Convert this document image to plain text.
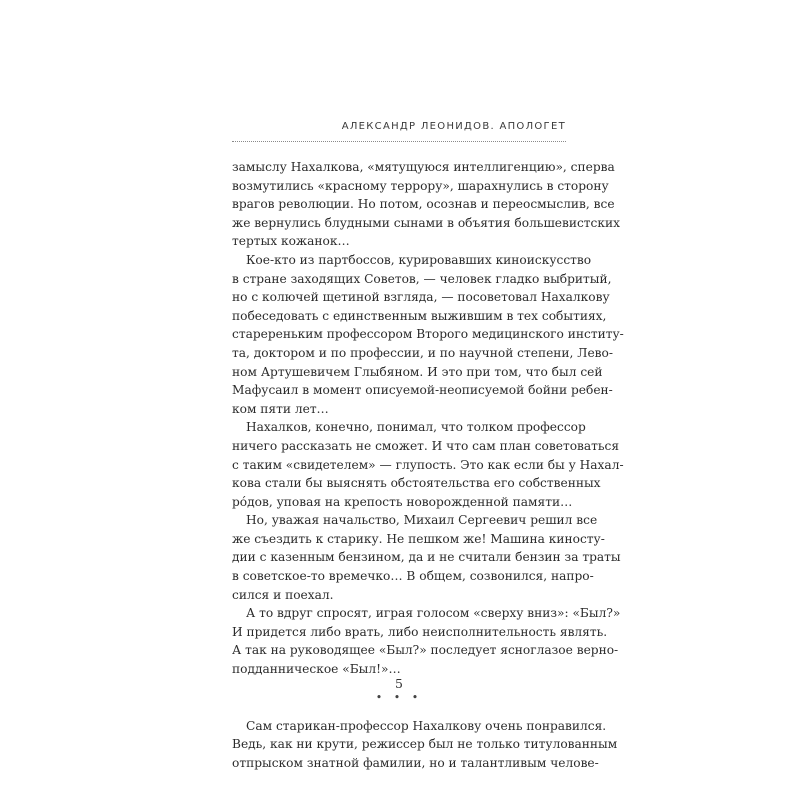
АЛЕКСАНДР ЛЕОНИДОВ. АПОЛОГЕТ
замыслу Нахалкова, «мятущуюся интеллигенцию», сперва
возмутились «красному террору», шарахнулись в сторону
врагов революции. Но потом, осознав и переосмыслив, все
же вернулись блудными сынами в объятия большевистских
тертых кожанок…
Кое-кто из партбоссов, курировавших киноискусство
в стране заходящих Советов, — человек гладко выбритый,
но с колючей щетиной взгляда, — посоветовал Нахалкову
побеседовать с единственным выжившим в тех событиях,
старереньким профессором Второго медицинского институ-
та, доктором и по профессии, и по научной степени, Лево-
ном Артушевичем Глыбяном. И это при том, что был сей
Мафусаил в момент описуемой-неописуемой бойни ребен-
ком пяти лет…
Нахалков, конечно, понимал, что толком профессор
ничего рассказать не сможет. И что сам план советоваться
с таким «свидетелем» — глупость. Это как если бы у Нахал-
кова стали бы выяснять обстоятельства его собственных
рóдов, уповая на крепость новорожденной памяти…
Но, уважая начальство, Михаил Сергеевич решил все
же съездить к старику. Не пешком же! Машина киносту-
дии с казенным бензином, да и не считали бензин за траты
в советское-то времечко… В общем, созвонился, напро-
сился и поехал.
А то вдруг спросят, играя голосом «сверху вниз»: «Был?»
И придется либо врать, либо неисполнительность являть.
А так на руководящее «Был?» последует ясноглазое верно-
подданническое «Был!»…
• • •
Сам старикан-профессор Нахалкову очень понравился.
Ведь, как ни крути, режиссер был не только титулованным
отпрыском знатной фамилии, но и талантливым челове-
5
